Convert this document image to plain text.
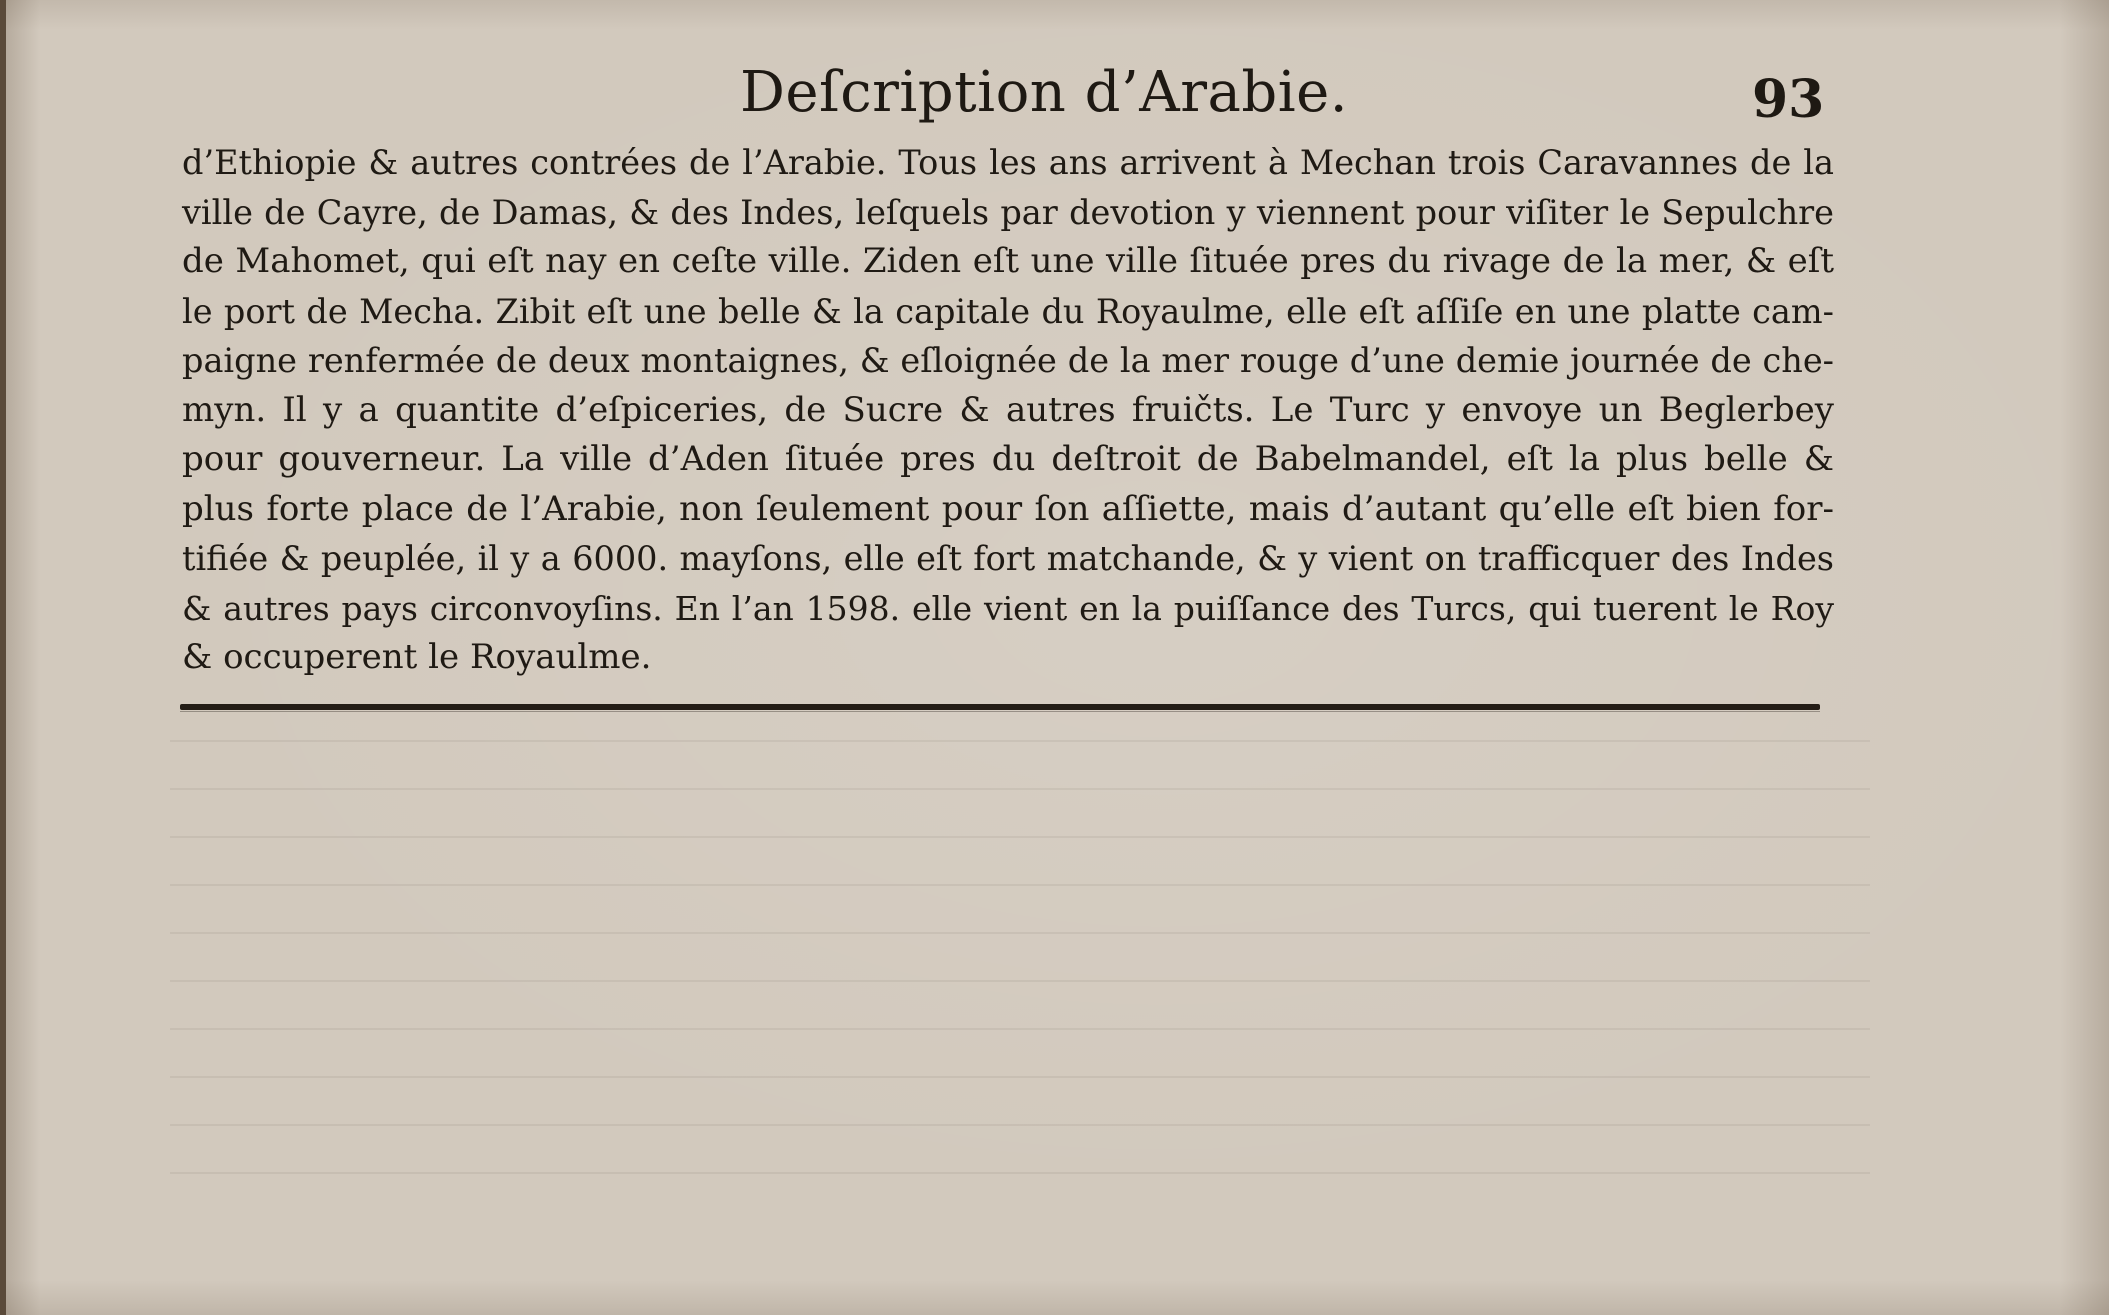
Deſcription d’Arabie.	93
d’Ethiopie & autres contrées de l’Arabie. Tous les ans arrivent à Mechan trois Caravannes de la
ville de Cayre, de Damas, & des Indes, leſquels par devotion y viennent pour viſiter le Sepulchre
de Mahomet, qui eſt nay en ceſte ville. Ziden eſt une ville ſituée pres du rivage de la mer, & eſt
le port de Mecha. Zibit eſt une belle & la capitale du Royaulme, elle eſt aſſiſe en une platte cam-
paigne renfermée de deux montaignes, & eſloignée de la mer rouge d’une demie journée de che-
myn. Il y a quantite d’eſpiceries, de Sucre & autres fruičts. Le Turc y envoye un Beglerbey
pour gouverneur. La ville d’Aden ſituée pres du deſtroit de Babelmandel, eſt la plus belle &
plus forte place de l’Arabie, non ſeulement pour ſon aſſiette, mais d’autant qu’elle eſt bien for-
tifiée & peuplée, il y a 6000. mayſons, elle eſt fort matchande, & y vient on trafficquer des Indes
& autres pays circonvoyſins. En l’an 1598. elle vient en la puiſſance des Turcs, qui tuerent le Roy
& occuperent le Royaulme.
